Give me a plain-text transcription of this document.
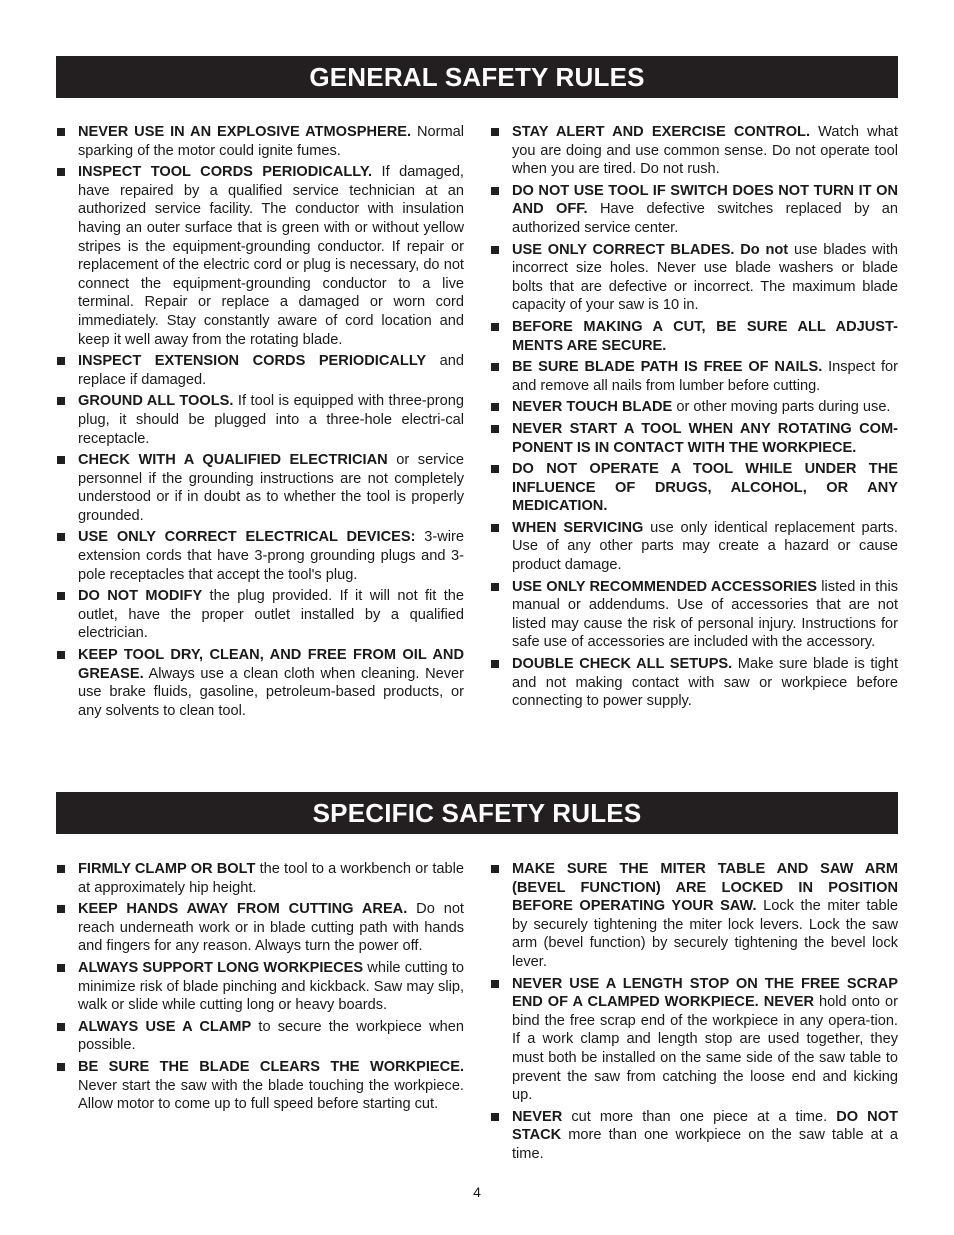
GENERAL SAFETY RULES
NEVER USE IN AN EXPLOSIVE ATMOSPHERE. Normal sparking of the motor could ignite fumes.
INSPECT TOOL CORDS PERIODICALLY. If damaged, have repaired by a qualified service technician at an authorized service facility. The conductor with insulation having an outer surface that is green with or without yellow stripes is the equipment-grounding conductor. If repair or replacement of the electric cord or plug is necessary, do not connect the equipment-grounding conductor to a live terminal. Repair or replace a damaged or worn cord immediately. Stay constantly aware of cord location and keep it well away from the rotating blade.
INSPECT EXTENSION CORDS PERIODICALLY and replace if damaged.
GROUND ALL TOOLS. If tool is equipped with three-prong plug, it should be plugged into a three-hole electri-cal receptacle.
CHECK WITH A QUALIFIED ELECTRICIAN or service personnel if the grounding instructions are not completely understood or if in doubt as to whether the tool is properly grounded.
USE ONLY CORRECT ELECTRICAL DEVICES: 3-wire extension cords that have 3-prong grounding plugs and 3-pole receptacles that accept the tool's plug.
DO NOT MODIFY the plug provided. If it will not fit the outlet, have the proper outlet installed by a qualified electrician.
KEEP TOOL DRY, CLEAN, AND FREE FROM OIL AND GREASE. Always use a clean cloth when cleaning. Never use brake fluids, gasoline, petroleum-based products, or any solvents to clean tool.
STAY ALERT AND EXERCISE CONTROL. Watch what you are doing and use common sense. Do not operate tool when you are tired. Do not rush.
DO NOT USE TOOL IF SWITCH DOES NOT TURN IT ON AND OFF. Have defective switches replaced by an authorized service center.
USE ONLY CORRECT BLADES. Do not use blades with incorrect size holes. Never use blade washers or blade bolts that are defective or incorrect. The maximum blade capacity of your saw is 10 in.
BEFORE MAKING A CUT, BE SURE ALL ADJUST-MENTS ARE SECURE.
BE SURE BLADE PATH IS FREE OF NAILS. Inspect for and remove all nails from lumber before cutting.
NEVER TOUCH BLADE or other moving parts during use.
NEVER START A TOOL WHEN ANY ROTATING COM-PONENT IS IN CONTACT WITH THE WORKPIECE.
DO NOT OPERATE A TOOL WHILE UNDER THE INFLUENCE OF DRUGS, ALCOHOL, OR ANY MEDICATION.
WHEN SERVICING use only identical replacement parts. Use of any other parts may create a hazard or cause product damage.
USE ONLY RECOMMENDED ACCESSORIES listed in this manual or addendums. Use of accessories that are not listed may cause the risk of personal injury. Instructions for safe use of accessories are included with the accessory.
DOUBLE CHECK ALL SETUPS. Make sure blade is tight and not making contact with saw or workpiece before connecting to power supply.
SPECIFIC SAFETY RULES
FIRMLY CLAMP OR BOLT the tool to a workbench or table at approximately hip height.
KEEP HANDS AWAY FROM CUTTING AREA. Do not reach underneath work or in blade cutting path with hands and fingers for any reason. Always turn the power off.
ALWAYS SUPPORT LONG WORKPIECES while cutting to minimize risk of blade pinching and kickback. Saw may slip, walk or slide while cutting long or heavy boards.
ALWAYS USE A CLAMP to secure the workpiece when possible.
BE SURE THE BLADE CLEARS THE WORKPIECE. Never start the saw with the blade touching the workpiece. Allow motor to come up to full speed before starting cut.
MAKE SURE THE MITER TABLE AND SAW ARM (BEVEL FUNCTION) ARE LOCKED IN POSITION BEFORE OPERATING YOUR SAW. Lock the miter table by securely tightening the miter lock levers. Lock the saw arm (bevel function) by securely tightening the bevel lock lever.
NEVER USE A LENGTH STOP ON THE FREE SCRAP END OF A CLAMPED WORKPIECE. NEVER hold onto or bind the free scrap end of the workpiece in any opera-tion. If a work clamp and length stop are used together, they must both be installed on the same side of the saw table to prevent the saw from catching the loose end and kicking up.
NEVER cut more than one piece at a time. DO NOT STACK more than one workpiece on the saw table at a time.
4
